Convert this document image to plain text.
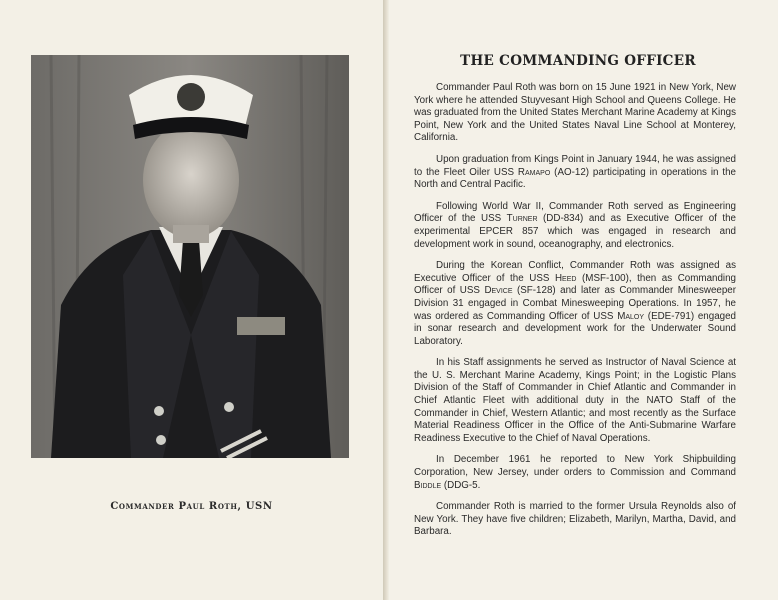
Commander Paul Roth, USN
THE COMMANDING OFFICER

Commander Paul Roth was born on 15 June 1921 in New York, New York where he attended Stuyvesant High School and Queens College. He was graduated from the United States Merchant Marine Academy at Kings Point, New York and the United States Naval Line School at Monterey, California.

Upon graduation from Kings Point in January 1944, he was assigned to the Fleet Oiler USS Ramapo (AO-12) participating in operations in the North and Central Pacific.

Following World War II, Commander Roth served as Engineering Officer of the USS Turner (DD-834) and as Executive Officer of the experimental EPCER 857 which was engaged in research and development work in sound, oceanography, and electronics.

During the Korean Conflict, Commander Roth was assigned as Executive Officer of the USS Heed (MSF-100), then as Commanding Officer of USS Device (SF-128) and later as Commander Minesweeper Division 31 engaged in Combat Minesweeping Operations. In 1957, he was ordered as Commanding Officer of USS Maloy (EDE-791) engaged in sonar research and development work for the Underwater Sound Laboratory.

In his Staff assignments he served as Instructor of Naval Science at the U. S. Merchant Marine Academy, Kings Point; in the Logistic Plans Division of the Staff of Commander in Chief Atlantic and Commander in Chief Atlantic Fleet with additional duty in the NATO Staff of the Commander in Chief, Western Atlantic; and most recently as the Surface Material Readiness Officer in the Office of the Anti-Submarine Warfare Readiness Executive to the Chief of Naval Operations.

In December 1961 he reported to New York Shipbuilding Corporation, New Jersey, under orders to Commission and Command Biddle (DDG-5.

Commander Roth is married to the former Ursula Reynolds also of New York. They have five children; Elizabeth, Marilyn, Martha, David, and Barbara.
